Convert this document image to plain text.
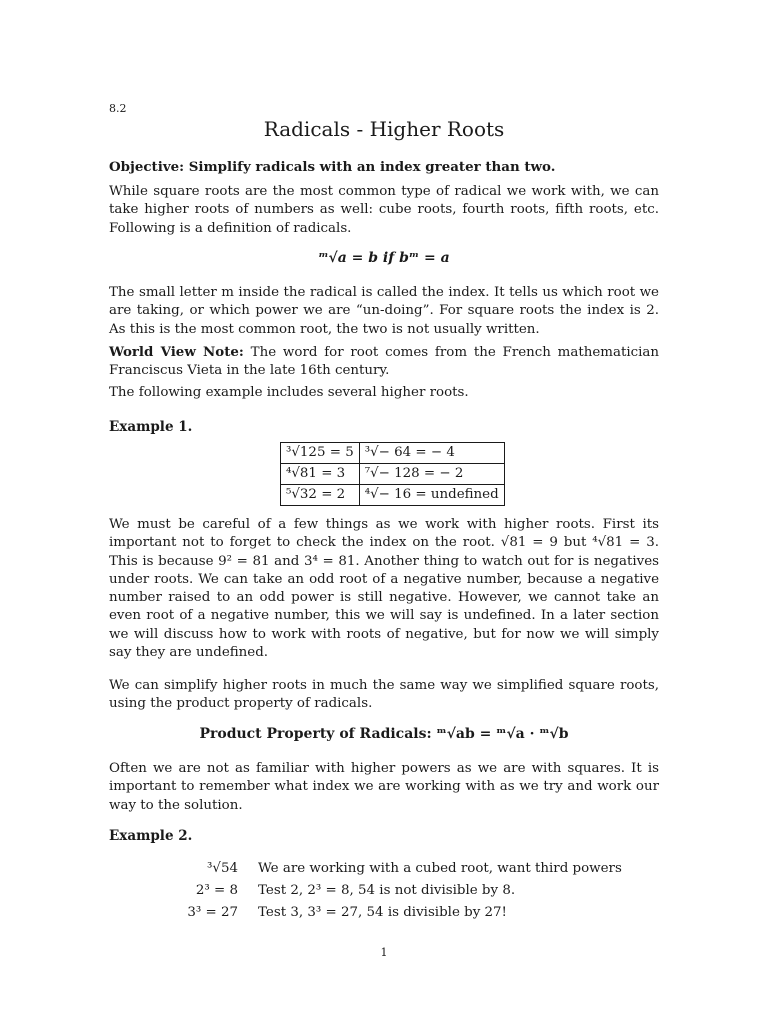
8.2
Radicals - Higher Roots
Objective: Simplify radicals with an index greater than two.
While square roots are the most common type of radical we work with, we can take higher roots of numbers as well: cube roots, fourth roots, fifth roots, etc. Following is a definition of radicals.
ᵐ√a = b if bᵐ = a
The small letter m inside the radical is called the index. It tells us which root we are taking, or which power we are “un-doing”. For square roots the index is 2. As this is the most common root, the two is not usually written.
World View Note: The word for root comes from the French mathematician Franciscus Vieta in the late 16th century.
The following example includes several higher roots.
Example 1.
³√125 = 5	³√− 64 = − 4
⁴√81 = 3	⁷√− 128 = − 2
⁵√32 = 2	⁴√− 16 = undefined
We must be careful of a few things as we work with higher roots. First its important not to forget to check the index on the root. √81 = 9 but ⁴√81 = 3. This is because 9² = 81 and 3⁴ = 81. Another thing to watch out for is negatives under roots. We can take an odd root of a negative number, because a negative number raised to an odd power is still negative. However, we cannot take an even root of a negative number, this we will say is undefined. In a later section we will discuss how to work with roots of negative, but for now we will simply say they are undefined.
We can simplify higher roots in much the same way we simplified square roots, using the product property of radicals.
Product Property of Radicals: ᵐ√ab = ᵐ√a · ᵐ√b
Often we are not as familiar with higher powers as we are with squares. It is important to remember what index we are working with as we try and work our way to the solution.
Example 2.
³√54	We are working with a cubed root, want third powers
2³ = 8	Test 2, 2³ = 8, 54 is not divisible by 8.
3³ = 27	Test 3, 3³ = 27, 54 is divisible by 27!
1
